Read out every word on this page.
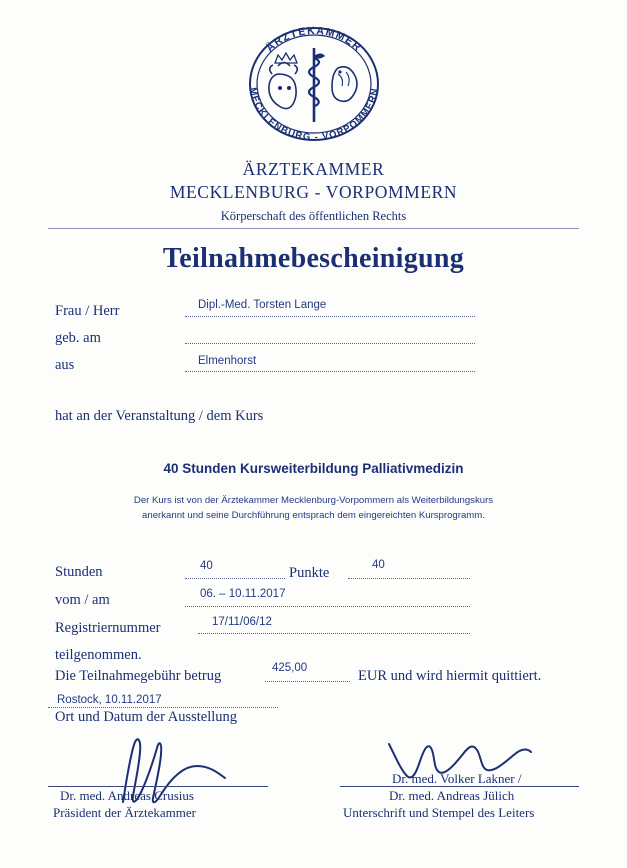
ÄRZTEKAMMER
MECKLENBURG - VORPOMMERN
ÄRZTEKAMMER
MECKLENBURG - VORPOMMERN
Körperschaft des öffentlichen Rechts
Teilnahmebescheinigung
Frau / Herr	Dipl.-Med. Torsten Lange
geb. am
aus	Elmenhorst
hat an der Veranstaltung / dem Kurs
40 Stunden Kursweiterbildung Palliativmedizin
Der Kurs ist von der Ärztekammer Mecklenburg-Vorpommern als Weiterbildungskurs
anerkannt und seine Durchführung entsprach dem eingereichten Kursprogramm.
Stunden	40	Punkte	40
vom / am	06. – 10.11.2017
Registriernummer	17/11/06/12
teilgenommen.
Die Teilnahmegebühr betrug	425,00	EUR und wird hiermit quittiert.
Rostock, 10.11.2017
Ort und Datum der Ausstellung
Dr. med. Andreas Crusius
Präsident der Ärztekammer
Dr. med. Volker Lakner /
Dr. med. Andreas Jülich
Unterschrift und Stempel des Leiters
